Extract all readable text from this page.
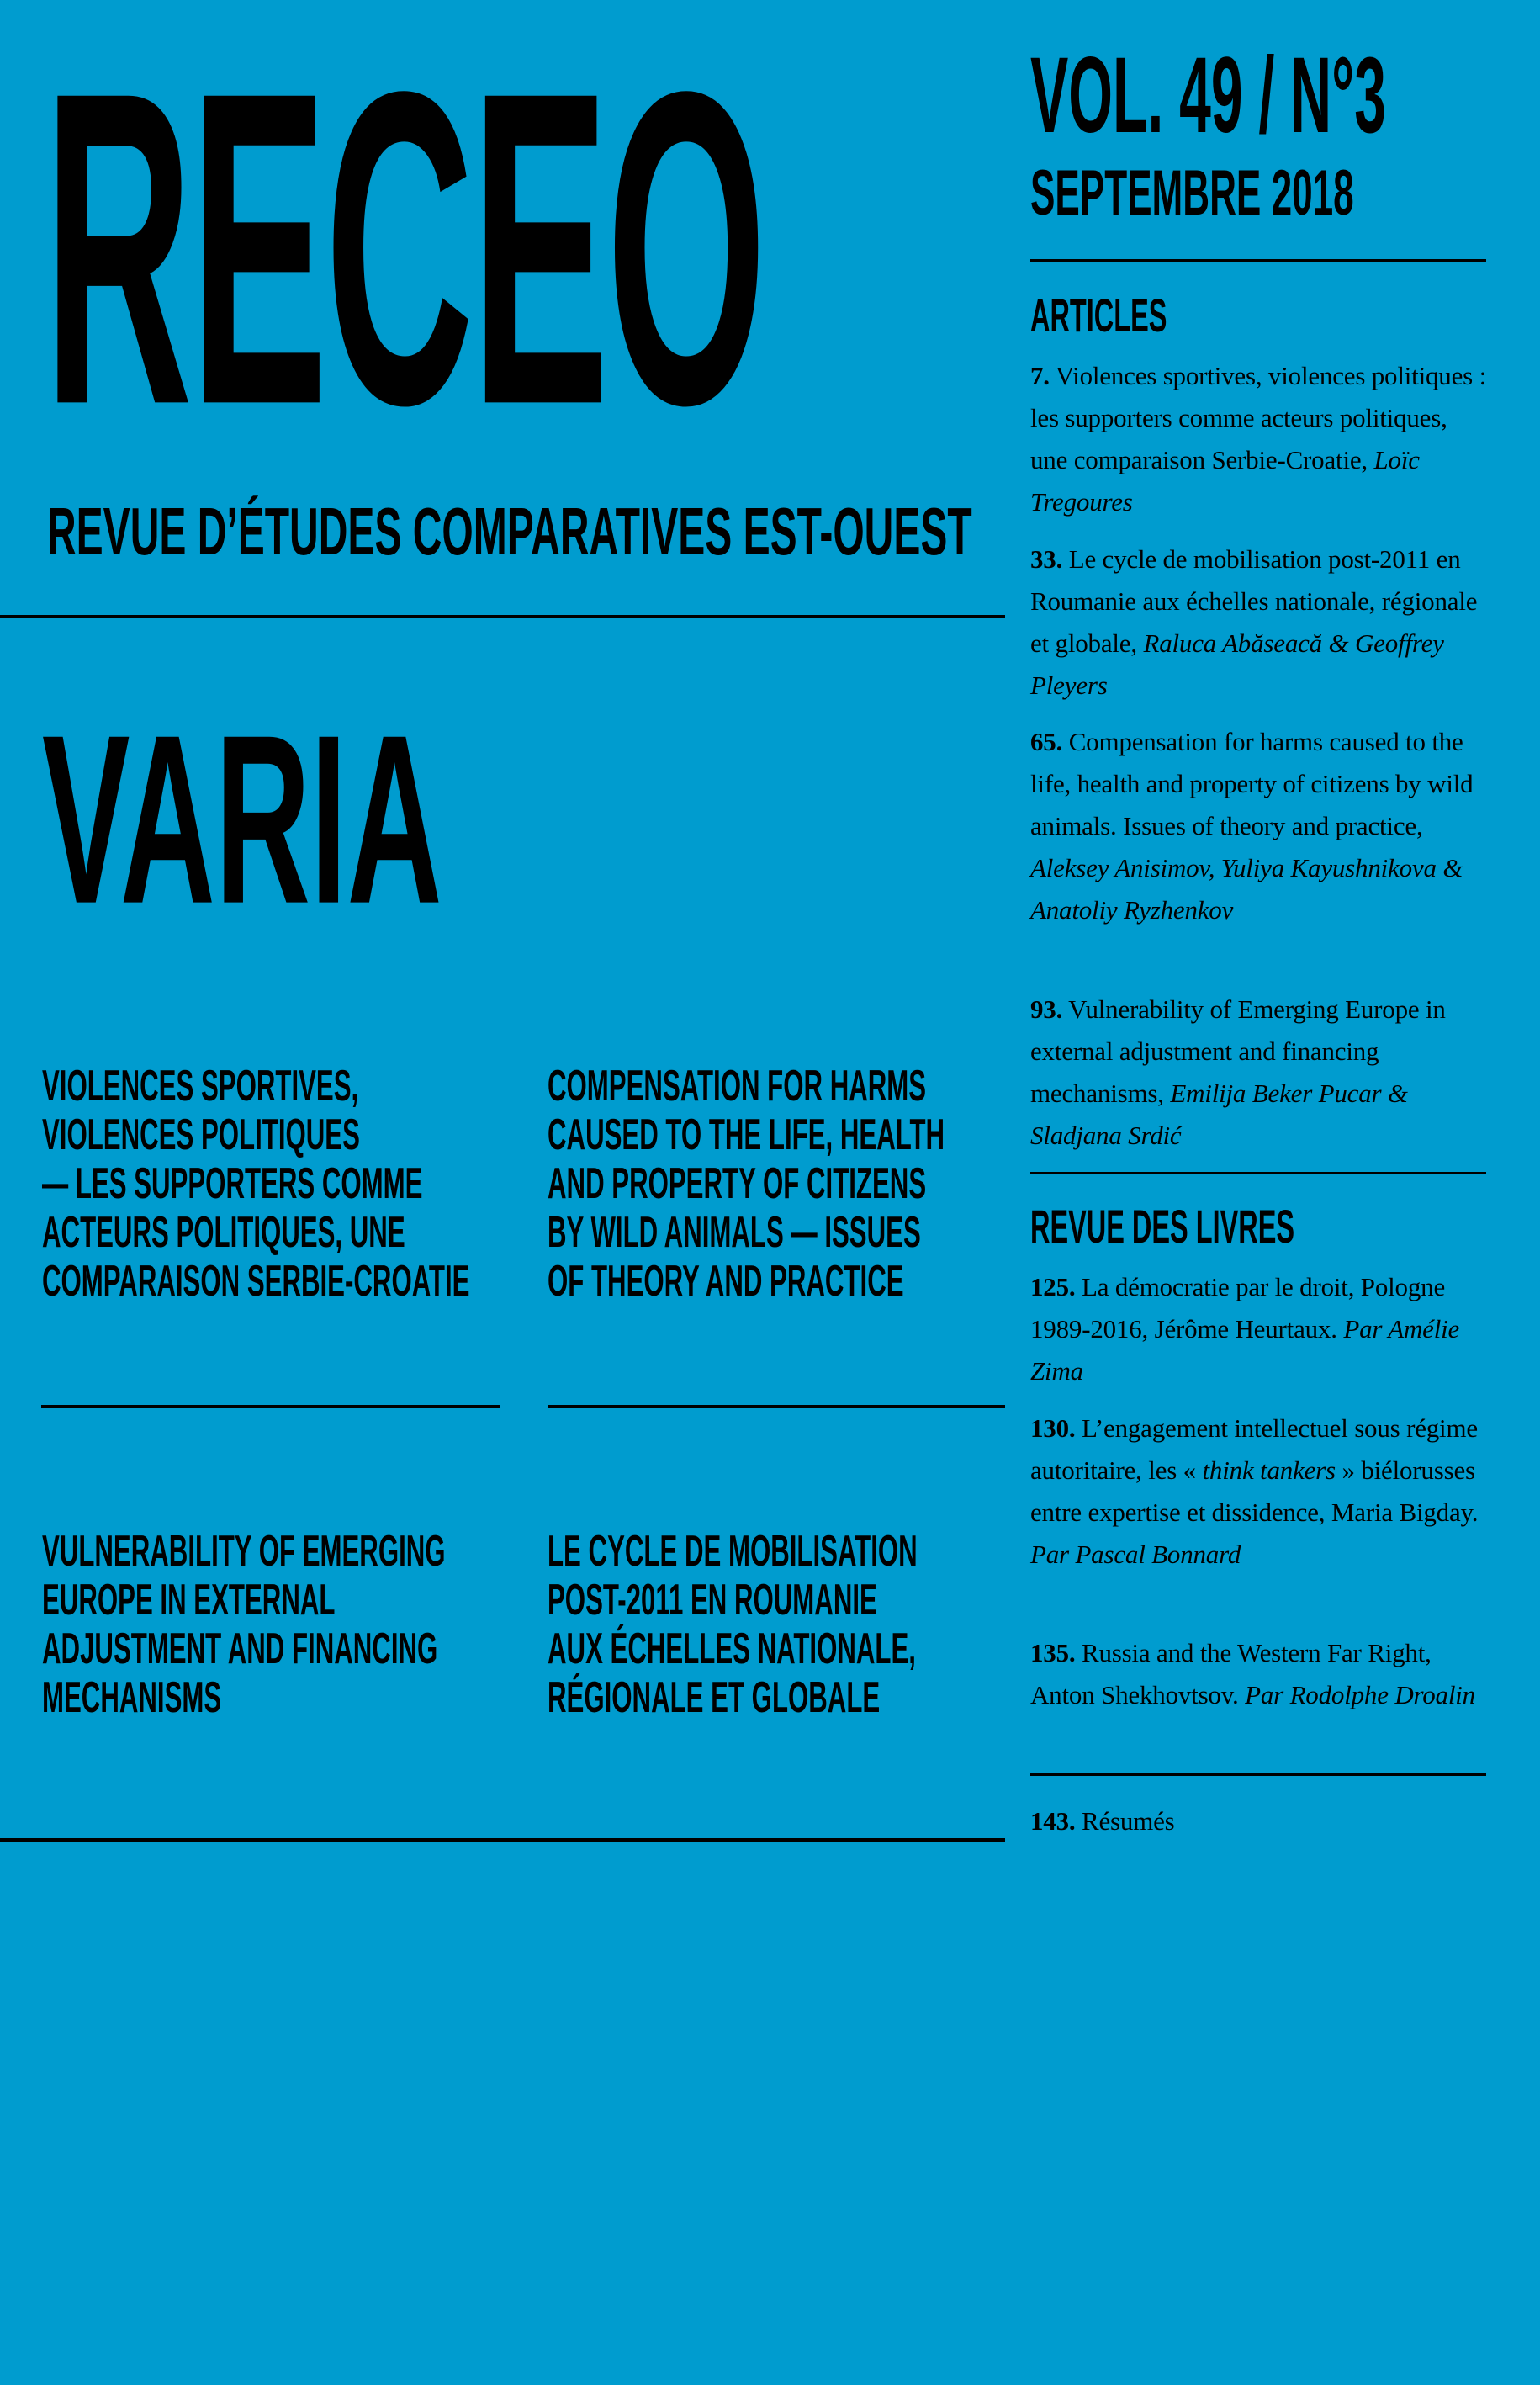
RECEO
REVUE D’ÉTUDES COMPARATIVES EST-OUEST
VOL. 49 / N°3
SEPTEMBRE 2018
VARIA
VIOLENCES SPORTIVES,
VIOLENCES POLITIQUES
— LES SUPPORTERS COMME
ACTEURS POLITIQUES, UNE
COMPARAISON SERBIE-CROATIE
COMPENSATION FOR HARMS
CAUSED TO THE LIFE, HEALTH
AND PROPERTY OF CITIZENS
BY WILD ANIMALS — ISSUES
OF THEORY AND PRACTICE
VULNERABILITY OF EMERGING
EUROPE IN EXTERNAL
ADJUSTMENT AND FINANCING
MECHANISMS
LE CYCLE DE MOBILISATION
POST-2011 EN ROUMANIE
AUX ÉCHELLES NATIONALE,
RÉGIONALE ET GLOBALE
ARTICLES

7. Violences sportives, violences politiques : les supporters comme acteurs politiques, une comparaison Serbie-Croatie, Loïc Tregoures

33. Le cycle de mobilisation post-2011 en Roumanie aux échelles nationale, régionale et globale, Raluca Abăseacă & Geoffrey Pleyers

65. Compensation for harms caused to the life, health and property of citizens by wild animals. Issues of theory and practice, Aleksey Anisimov, Yuliya Kayushnikova & Anatoliy Ryzhenkov

93. Vulnerability of Emerging Europe in external adjustment and financing mechanisms, Emilija Beker Pucar & Sladjana Srdić

REVUE DES LIVRES

125. La démocratie par le droit, Pologne 1989-2016, Jérôme Heurtaux. Par Amélie Zima

130. L’engagement intellectuel sous régime autoritaire, les « think tankers » biélorusses entre expertise et dissidence, Maria Bigday. Par Pascal Bonnard

135. Russia and the Western Far Right, Anton Shekhovtsov. Par Rodolphe Droalin

143. Résumés
